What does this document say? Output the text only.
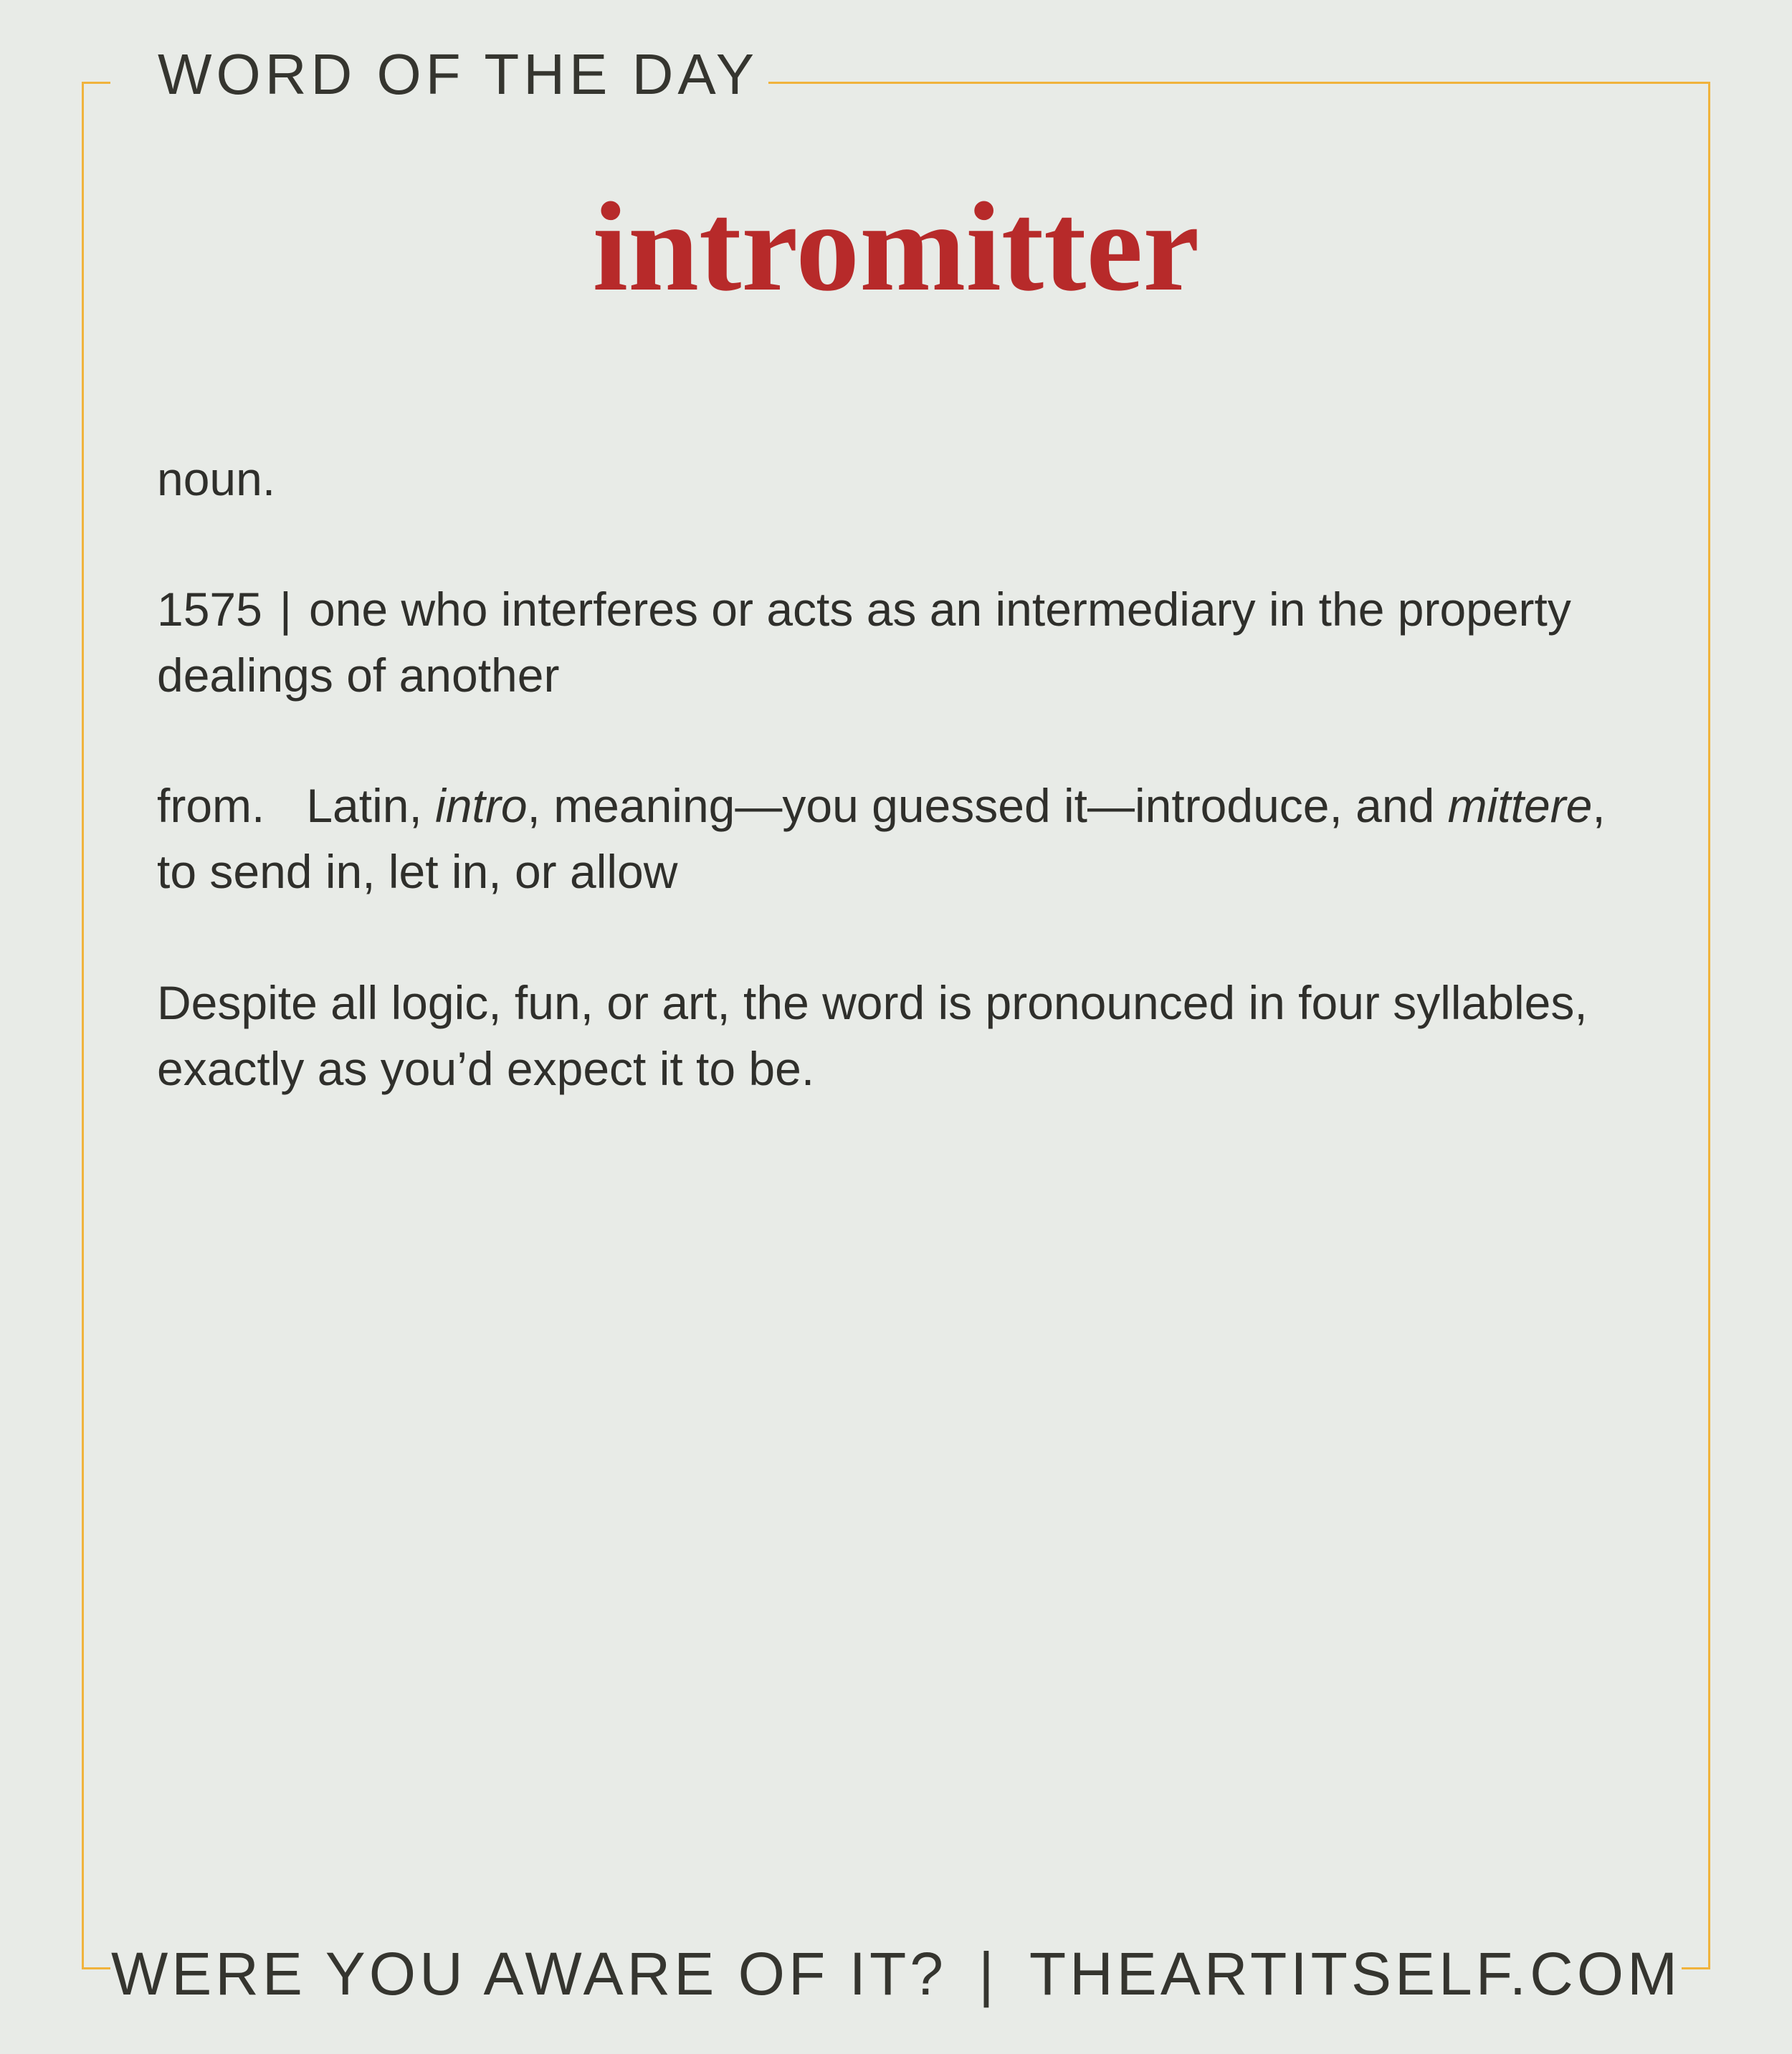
WORD OF THE DAY
intromitter
noun.
1575 | one who interferes or acts as an intermediary in the property dealings of another
from. Latin, intro, meaning—you guessed it—introduce, and mittere, to send in, let in, or allow
Despite all logic, fun, or art, the word is pronounced in four syllables, exactly as you’d expect it to be.
WERE YOU AWARE OF IT? | THEARTITSELF.COM
